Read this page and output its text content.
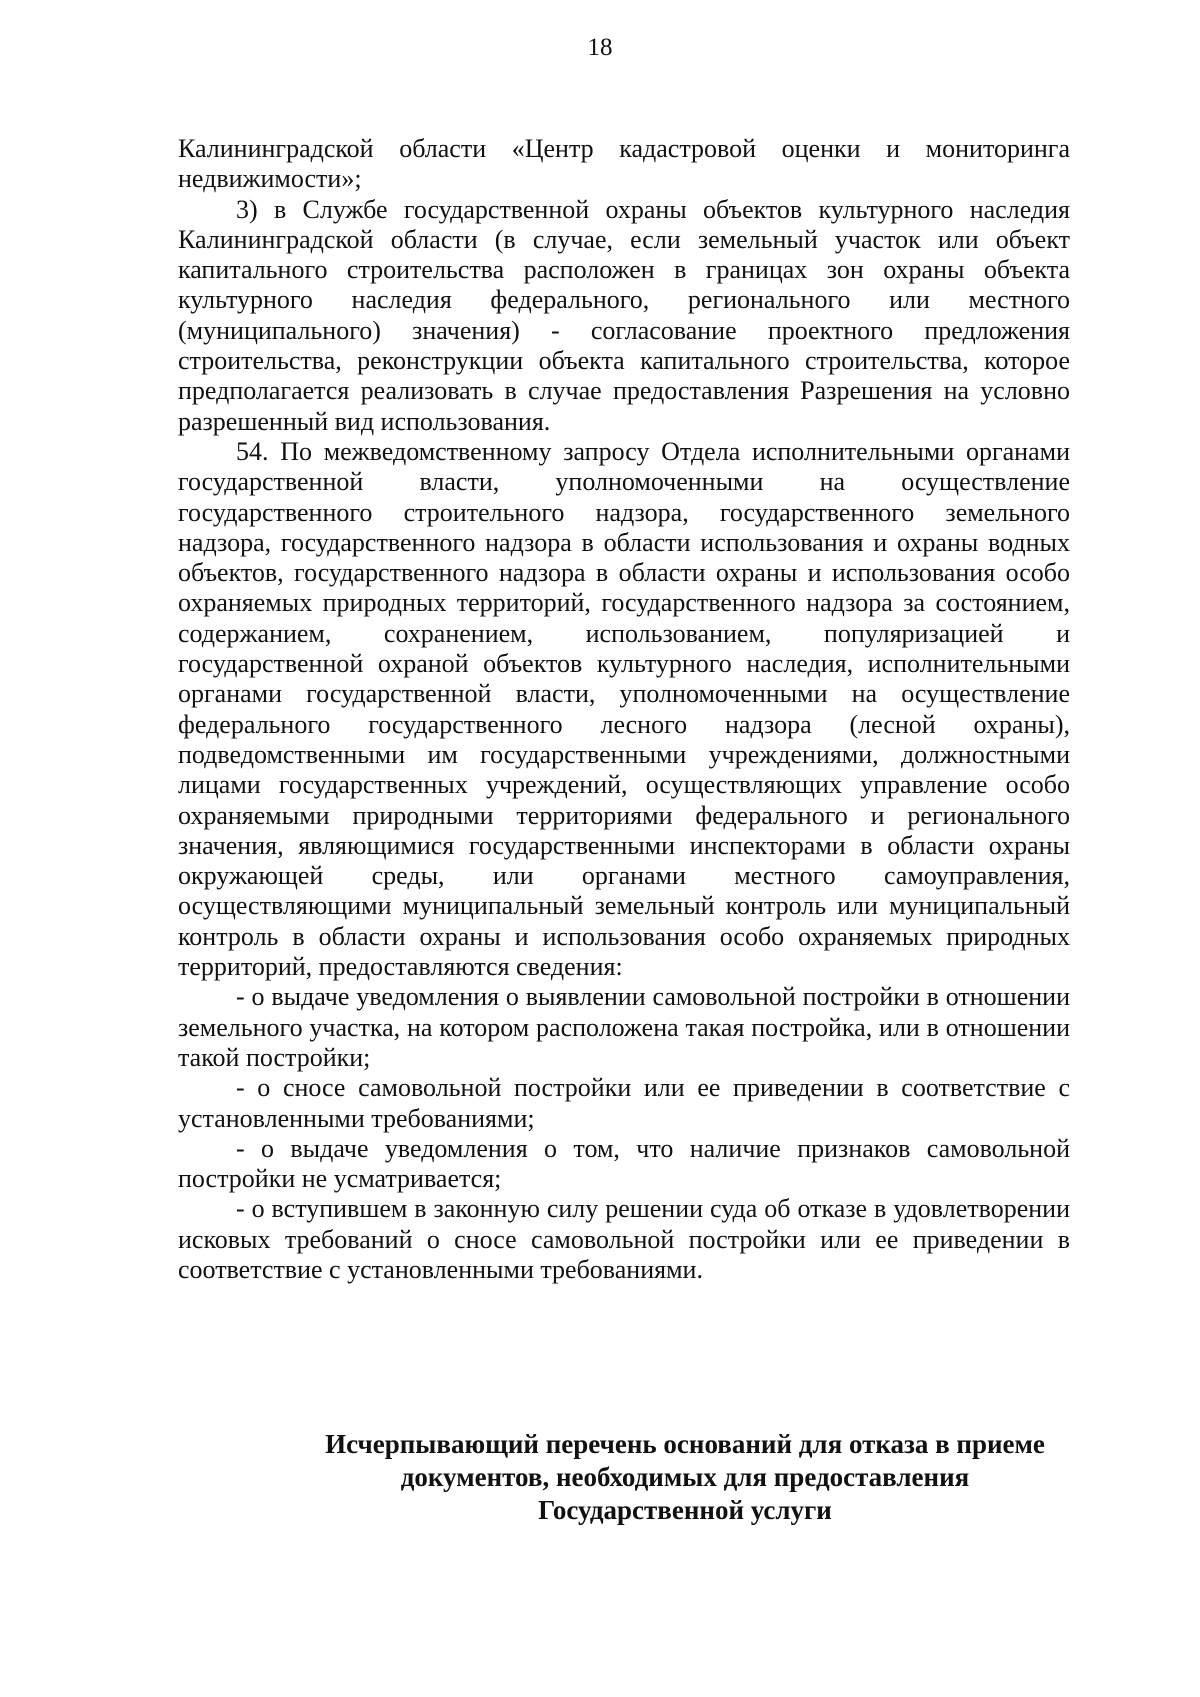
18

Калининградской области «Центр кадастровой оценки и мониторинга недвижимости»;

3) в Службе государственной охраны объектов культурного наследия Калининградской области (в случае, если земельный участок или объект капитального строительства расположен в границах зон охраны объекта культурного наследия федерального, регионального или местного (муниципального) значения) - согласование проектного предложения строительства, реконструкции объекта капитального строительства, которое предполагается реализовать в случае предоставления Разрешения на условно разрешенный вид использования.

54. По межведомственному запросу Отдела исполнительными органами государственной власти, уполномоченными на осуществление государственного строительного надзора, государственного земельного надзора, государственного надзора в области использования и охраны водных объектов, государственного надзора в области охраны и использования особо охраняемых природных территорий, государственного надзора за состоянием, содержанием, сохранением, использованием, популяризацией и государственной охраной объектов культурного наследия, исполнительными органами государственной власти, уполномоченными на осуществление федерального государственного лесного надзора (лесной охраны), подведомственными им государственными учреждениями, должностными лицами государственных учреждений, осуществляющих управление особо охраняемыми природными территориями федерального и регионального значения, являющимися государственными инспекторами в области охраны окружающей среды, или органами местного самоуправления, осуществляющими муниципальный земельный контроль или муниципальный контроль в области охраны и использования особо охраняемых природных территорий, предоставляются сведения:

- о выдаче уведомления о выявлении самовольной постройки в отношении земельного участка, на котором расположена такая постройка, или в отношении такой постройки;

- о сносе самовольной постройки или ее приведении в соответствие с установленными требованиями;

- о выдаче уведомления о том, что наличие признаков самовольной постройки не усматривается;

- о вступившем в законную силу решении суда об отказе в удовлетворении исковых требований о сносе самовольной постройки или ее приведении в соответствие с установленными требованиями.

Исчерпывающий перечень оснований для отказа в приеме
документов, необходимых для предоставления
Государственной услуги
